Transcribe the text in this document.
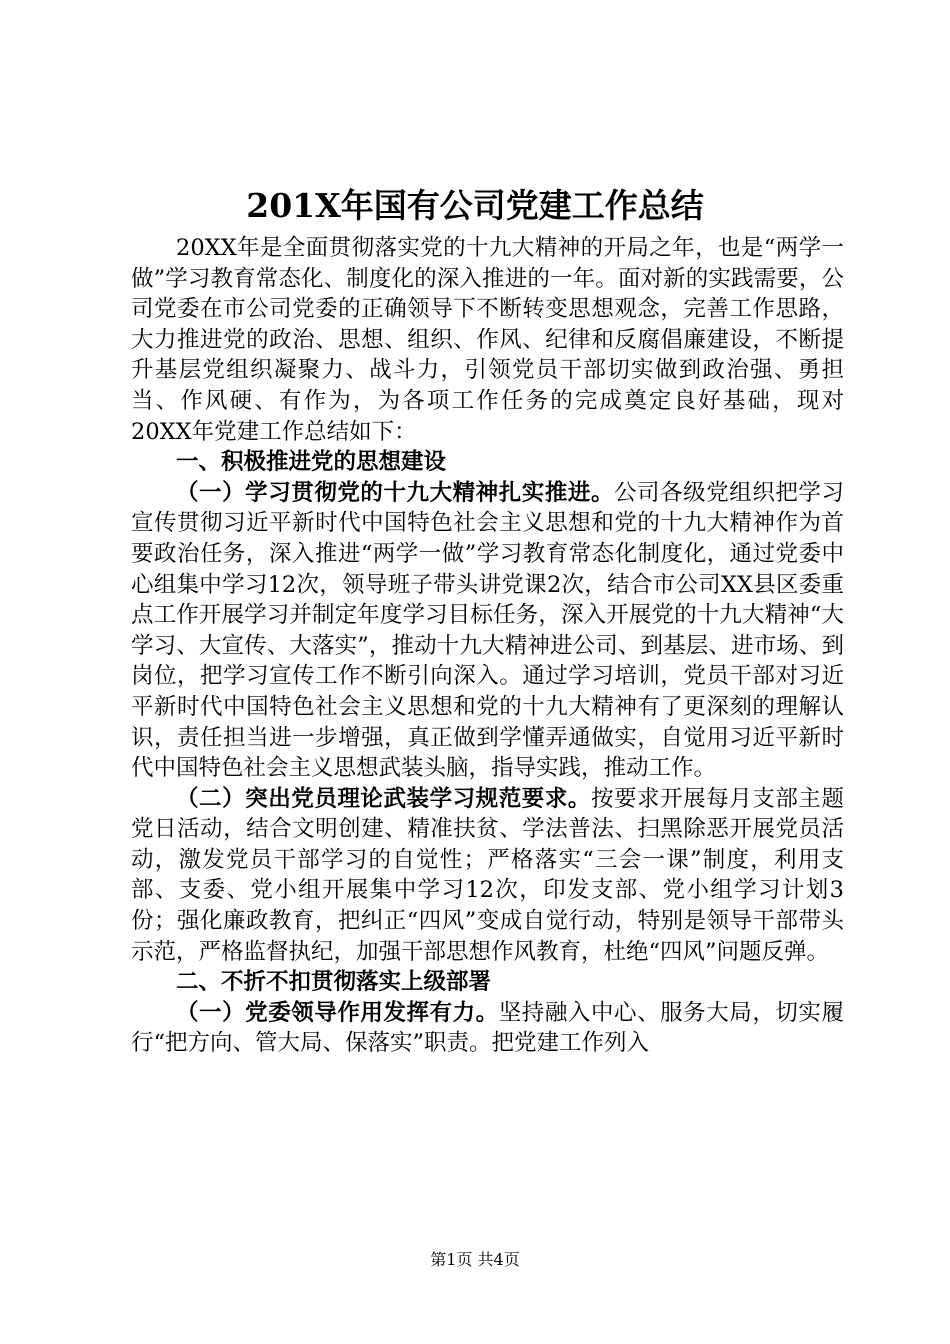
201X年国有公司党建工作总结

20XX年是全面贯彻落实党的十九大精神的开局之年，也是“两学一做”学习教育常态化、制度化的深入推进的一年。面对新的实践需要，公司党委在市公司党委的正确领导下不断转变思想观念，完善工作思路，大力推进党的政治、思想、组织、作风、纪律和反腐倡廉建设，不断提升基层党组织凝聚力、战斗力，引领党员干部切实做到政治强、勇担当、作风硬、有作为，为各项工作任务的完成奠定良好基础，现对20XX年党建工作总结如下：

一、积极推进党的思想建设

（一）学习贯彻党的十九大精神扎实推进。公司各级党组织把学习宣传贯彻习近平新时代中国特色社会主义思想和党的十九大精神作为首要政治任务，深入推进“两学一做”学习教育常态化制度化，通过党委中心组集中学习12次，领导班子带头讲党课2次，结合市公司XX县区委重点工作开展学习并制定年度学习目标任务，深入开展党的十九大精神“大学习、大宣传、大落实”，推动十九大精神进公司、到基层、进市场、到岗位，把学习宣传工作不断引向深入。通过学习培训，党员干部对习近平新时代中国特色社会主义思想和党的十九大精神有了更深刻的理解认识，责任担当进一步增强，真正做到学懂弄通做实，自觉用习近平新时代中国特色社会主义思想武装头脑，指导实践，推动工作。

（二）突出党员理论武装学习规范要求。按要求开展每月支部主题党日活动，结合文明创建、精准扶贫、学法普法、扫黑除恶开展党员活动，激发党员干部学习的自觉性；严格落实“三会一课”制度，利用支部、支委、党小组开展集中学习12次，印发支部、党小组学习计划3份；强化廉政教育，把纠正“四风”变成自觉行动，特别是领导干部带头示范，严格监督执纪，加强干部思想作风教育，杜绝“四风”问题反弹。

二、不折不扣贯彻落实上级部署

（一）党委领导作用发挥有力。坚持融入中心、服务大局，切实履行“把方向、管大局、保落实”职责。把党建工作列入

第1页 共4页
